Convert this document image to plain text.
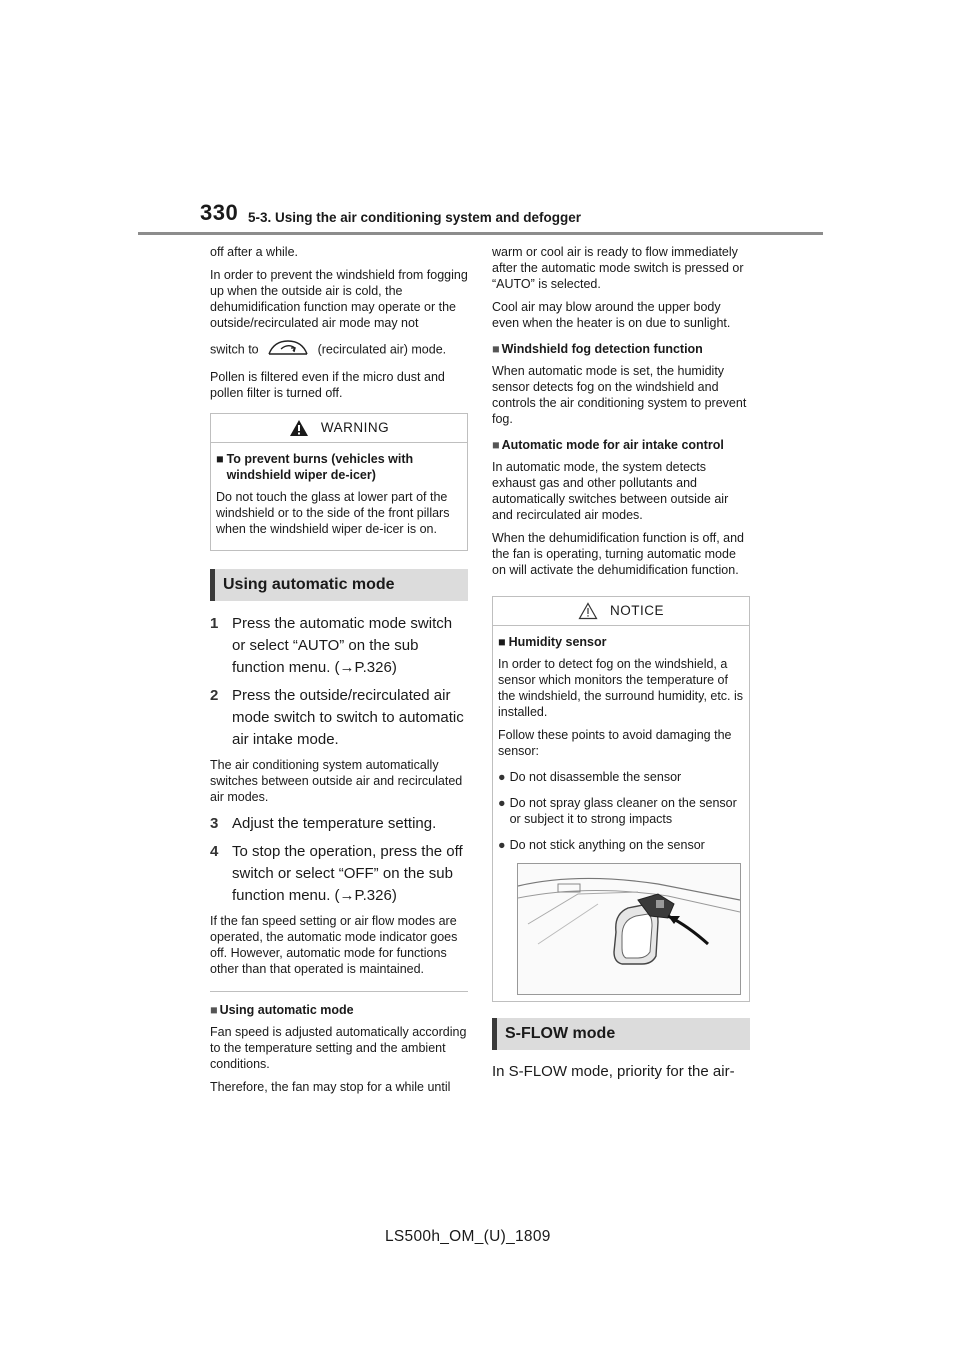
330 5-3. Using the air conditioning system and defogger

off after a while.

In order to prevent the windshield from fogging up when the outside air is cold, the dehumidification function may operate or the outside/recirculated air mode may not

switch to	(recirculated air) mode.

Pollen is filtered even if the micro dust and pollen filter is turned off.

WARNING
■ To prevent burns (vehicles with windshield wiper de-icer)

Do not touch the glass at lower part of the windshield or to the side of the front pillars when the windshield wiper de-icer is on.

Using automatic mode
1 Press the automatic mode switch or select “AUTO” on the sub function menu. (→P.326)
2 Press the outside/recirculated air mode switch to switch to automatic air intake mode.

The air conditioning system automatically switches between outside air and recirculated air modes.

3 Adjust the temperature setting.
4 To stop the operation, press the off switch or select “OFF” on the sub function menu. (→P.326)

If the fan speed setting or air flow modes are operated, the automatic mode indicator goes off. However, automatic mode for functions other than that operated is maintained.

■ Using automatic mode

Fan speed is adjusted automatically according to the temperature setting and the ambient conditions.

Therefore, the fan may stop for a while until

warm or cool air is ready to flow immediately after the automatic mode switch is pressed or “AUTO” is selected.

Cool air may blow around the upper body even when the heater is on due to sunlight.

■ Windshield fog detection function

When automatic mode is set, the humidity sensor detects fog on the windshield and controls the air conditioning system to prevent fog.

■ Automatic mode for air intake control

In automatic mode, the system detects exhaust gas and other pollutants and automatically switches between outside air and recirculated air modes.

When the dehumidification function is off, and the fan is operating, turning automatic mode on will activate the dehumidification function.

NOTICE
■ Humidity sensor

In order to detect fog on the windshield, a sensor which monitors the temperature of the windshield, the surround humidity, etc. is installed.

Follow these points to avoid damaging the sensor:

● Do not disassemble the sensor
● Do not spray glass cleaner on the sensor or subject it to strong impacts
● Do not stick anything on the sensor
S-FLOW mode

In S-FLOW mode, priority for the air-

LS500h_OM_(U)_1809
